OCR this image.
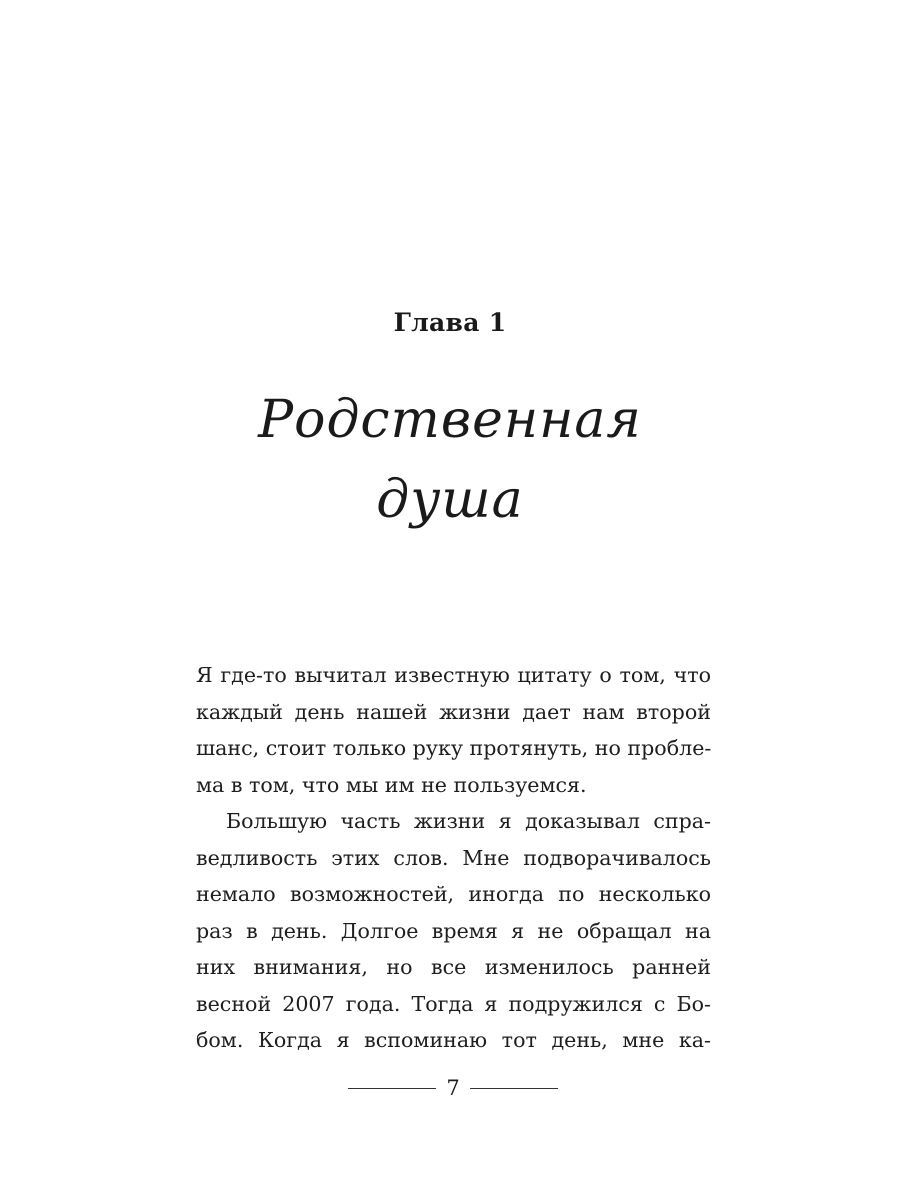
Глава 1
Родственная
душа

Я где-то вычитал известную цитату о том, что
каждый день нашей жизни дает нам второй
шанс, стоит только руку протянуть, но пробле-
ма в том, что мы им не пользуемся.

Большую часть жизни я доказывал спра-
ведливость этих слов. Мне подворачивалось
немало возможностей, иногда по несколько
раз в день. Долгое время я не обращал на
них внимания, но все изменилось ранней
весной 2007 года. Тогда я подружился с Бо-
бом. Когда я вспоминаю тот день, мне ка-

7
